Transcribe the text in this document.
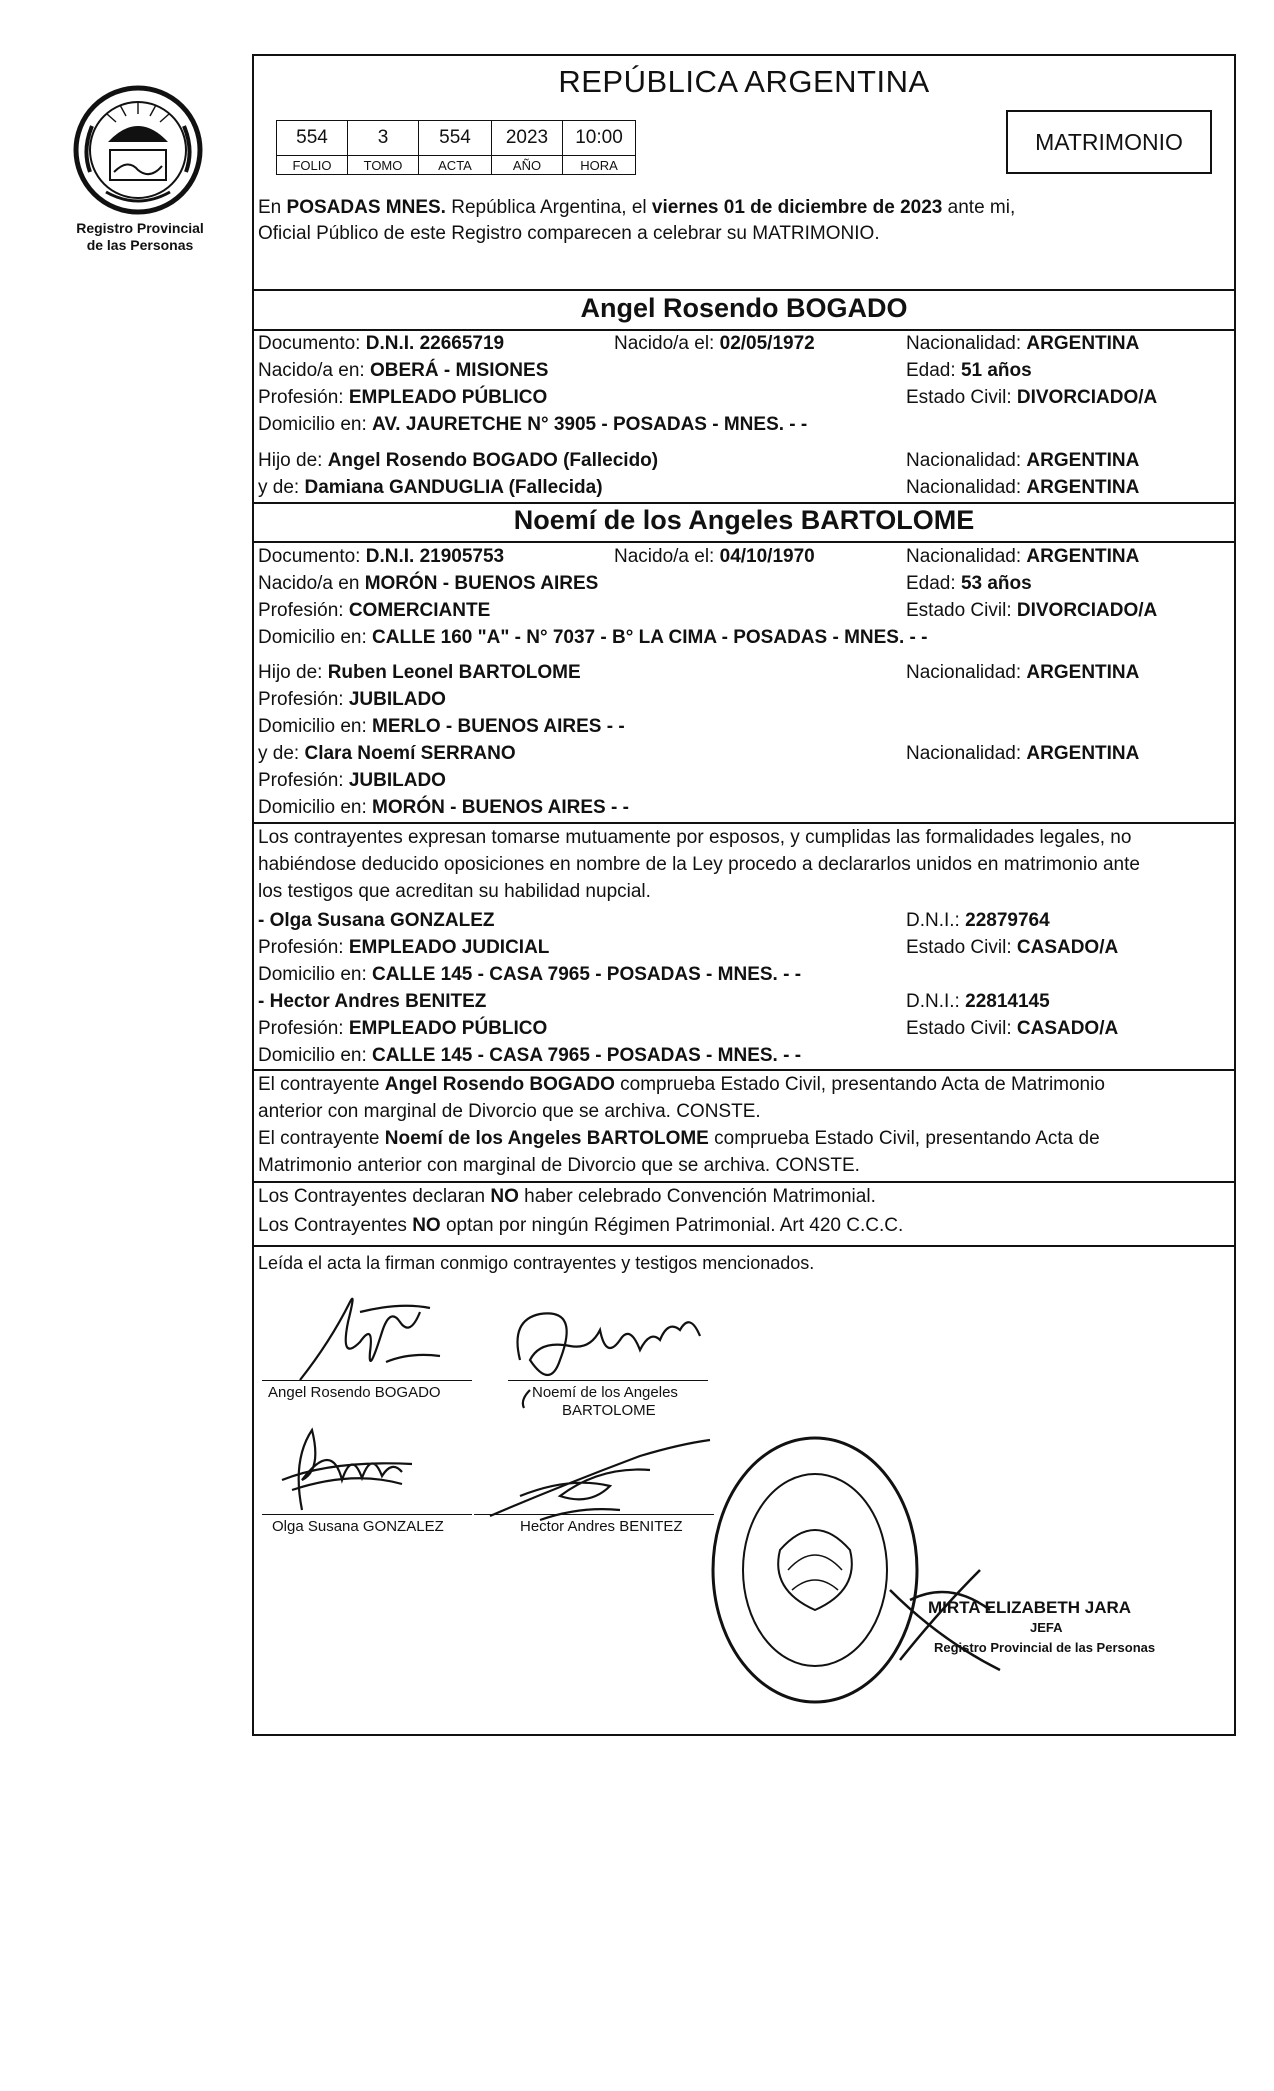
Registro Provincial
de las Personas
REPÚBLICA ARGENTINA
554	3	554	2023	10:00
FOLIO	TOMO	ACTA	AÑO	HORA
MATRIMONIO
En POSADAS MNES. República Argentina, el viernes 01 de diciembre de 2023 ante mi,
Oficial Público de este Registro comparecen a celebrar su MATRIMONIO.
Angel Rosendo BOGADO
Documento: D.N.I. 22665719	Nacido/a el: 02/05/1972	Nacionalidad: ARGENTINA
Nacido/a en: OBERÁ - MISIONES	Edad: 51 años
Profesión: EMPLEADO PÚBLICO	Estado Civil: DIVORCIADO/A
Domicilio en: AV. JAURETCHE N° 3905 - POSADAS - MNES. - -
Hijo de: Angel Rosendo BOGADO (Fallecido)	Nacionalidad: ARGENTINA
y de: Damiana GANDUGLIA (Fallecida)	Nacionalidad: ARGENTINA
Noemí de los Angeles BARTOLOME
Documento: D.N.I. 21905753	Nacido/a el: 04/10/1970	Nacionalidad: ARGENTINA
Nacido/a en MORÓN - BUENOS AIRES	Edad: 53 años
Profesión: COMERCIANTE	Estado Civil: DIVORCIADO/A
Domicilio en: CALLE 160 "A" - N° 7037 - B° LA CIMA - POSADAS - MNES. - -
Hijo de: Ruben Leonel BARTOLOME	Nacionalidad: ARGENTINA
Profesión: JUBILADO
Domicilio en: MERLO - BUENOS AIRES - -
y de: Clara Noemí SERRANO	Nacionalidad: ARGENTINA
Profesión: JUBILADO
Domicilio en: MORÓN - BUENOS AIRES - -
Los contrayentes expresan tomarse mutuamente por esposos, y cumplidas las formalidades legales, no
habiéndose deducido oposiciones en nombre de la Ley procedo a declararlos unidos en matrimonio ante
los testigos que acreditan su habilidad nupcial.
- Olga Susana GONZALEZ	D.N.I.: 22879764
Profesión: EMPLEADO JUDICIAL	Estado Civil: CASADO/A
Domicilio en: CALLE 145 - CASA 7965 - POSADAS - MNES. - -
- Hector Andres BENITEZ	D.N.I.: 22814145
Profesión: EMPLEADO PÚBLICO	Estado Civil: CASADO/A
Domicilio en: CALLE 145 - CASA 7965 - POSADAS - MNES. - -
El contrayente Angel Rosendo BOGADO comprueba Estado Civil, presentando Acta de Matrimonio
anterior con marginal de Divorcio que se archiva. CONSTE.
El contrayente Noemí de los Angeles BARTOLOME comprueba Estado Civil, presentando Acta de
Matrimonio anterior con marginal de Divorcio que se archiva. CONSTE.
Los Contrayentes declaran NO haber celebrado Convención Matrimonial.
Los Contrayentes NO optan por ningún Régimen Patrimonial. Art 420 C.C.C.
Leída el acta la firman conmigo contrayentes y testigos mencionados.
Angel Rosendo BOGADO	Noemí de los Angeles
BARTOLOME
Olga Susana GONZALEZ	Hector Andres BENITEZ
MIRTA ELIZABETH JARA
JEFA
Registro Provincial de las Personas
